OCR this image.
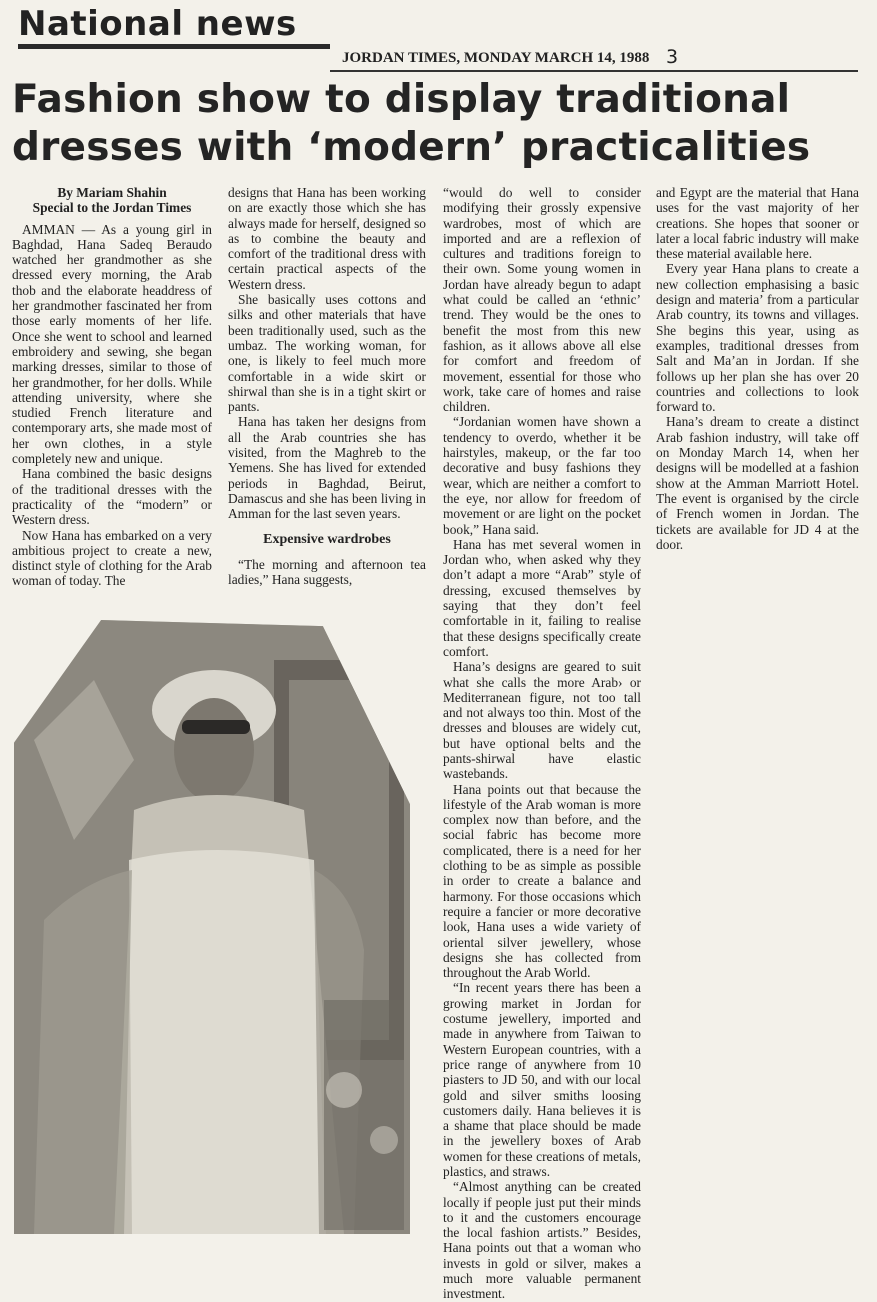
National news
JORDAN TIMES, MONDAY MARCH 14, 1988 3
Fashion show to display traditional dresses with ‘modern’ practicalities

By Mariam Shahin

Special to the Jordan Times

AMMAN — As a young girl in Baghdad, Hana Sadeq Beraudo watched her grandmother as she dressed every morning, the Arab thob and the elaborate headdress of her grandmother fascinated her from those early moments of her life. Once she went to school and learned embroidery and sewing, she began marking dresses, similar to those of her grandmother, for her dolls. While attending university, where she studied French literature and contemporary arts, she made most of her own clothes, in a style completely new and unique.

Hana combined the basic designs of the traditional dresses with the practicality of the “modern” or Western dress.

Now Hana has embarked on a very ambitious project to create a new, distinct style of clothing for the Arab woman of today. The

designs that Hana has been working on are exactly those which she has always made for herself, designed so as to combine the beauty and comfort of the traditional dress with certain practical aspects of the Western dress.

She basically uses cottons and silks and other materials that have been traditionally used, such as the umbaz. The working woman, for one, is likely to feel much more comfortable in a wide skirt or shirwal than she is in a tight skirt or pants.

Hana has taken her designs from all the Arab countries she has visited, from the Maghreb to the Yemens. She has lived for extended periods in Baghdad, Beirut, Damascus and she has been living in Amman for the last seven years.

Expensive wardrobes

“The morning and afternoon tea ladies,” Hana suggests,

“would do well to consider modifying their grossly expensive wardrobes, most of which are imported and are a reflexion of cultures and traditions foreign to their own. Some young women in Jordan have already begun to adapt what could be called an ‘ethnic’ trend. They would be the ones to benefit the most from this new fashion, as it allows above all else for comfort and freedom of movement, essential for those who work, take care of homes and raise children.

“Jordanian women have shown a tendency to overdo, whether it be hairstyles, makeup, or the far too decorative and busy fashions they wear, which are neither a comfort to the eye, nor allow for freedom of movement or are light on the pocket book,” Hana said.

Hana has met several women in Jordan who, when asked why they don’t adapt a more “Arab” style of dressing, excused themselves by saying that they don’t feel comfortable in it, failing to realise that these designs specifically create comfort.

Hana’s designs are geared to suit what she calls the more Arab› or Mediterranean figure, not too tall and not always too thin. Most of the dresses and blouses are widely cut, but have optional belts and the pants-shirwal have elastic wastebands.

Hana points out that because the lifestyle of the Arab woman is more complex now than before, and the social fabric has become more complicated, there is a need for her clothing to be as simple as possible in order to create a balance and harmony. For those occasions which require a fancier or more decorative look, Hana uses a wide variety of oriental silver jewellery, whose designs she has collected from throughout the Arab World.

“In recent years there has been a growing market in Jordan for costume jewellery, imported and made in anywhere from Taiwan to Western European countries, with a price range of anywhere from 10 piasters to JD 50, and with our local gold and silver smiths loosing customers daily. Hana believes it is a shame that place should be made in the jewellery boxes of Arab women for these creations of metals, plastics, and straws.

“Almost anything can be created locally if people just put their minds to it and the customers encourage the local fashion artists.” Besides, Hana points out that a woman who invests in gold or silver, makes a much more valuable permanent investment.

and Egypt are the material that Hana uses for the vast majority of her creations. She hopes that sooner or later a local fabric industry will make these material available here.

Every year Hana plans to create a new collection emphasising a basic design and materia’ from a particular Arab country, its towns and villages. She begins this year, using as examples, traditional dresses from Salt and Ma’an in Jordan. If she follows up her plan she has over 20 countries and collections to look forward to.

Hana’s dream to create a distinct Arab fashion industry, will take off on Monday March 14, when her designs will be modelled at a fashion show at the Amman Marriott Hotel. The event is organised by the circle of French women in Jordan. The tickets are available for JD 4 at the door.
